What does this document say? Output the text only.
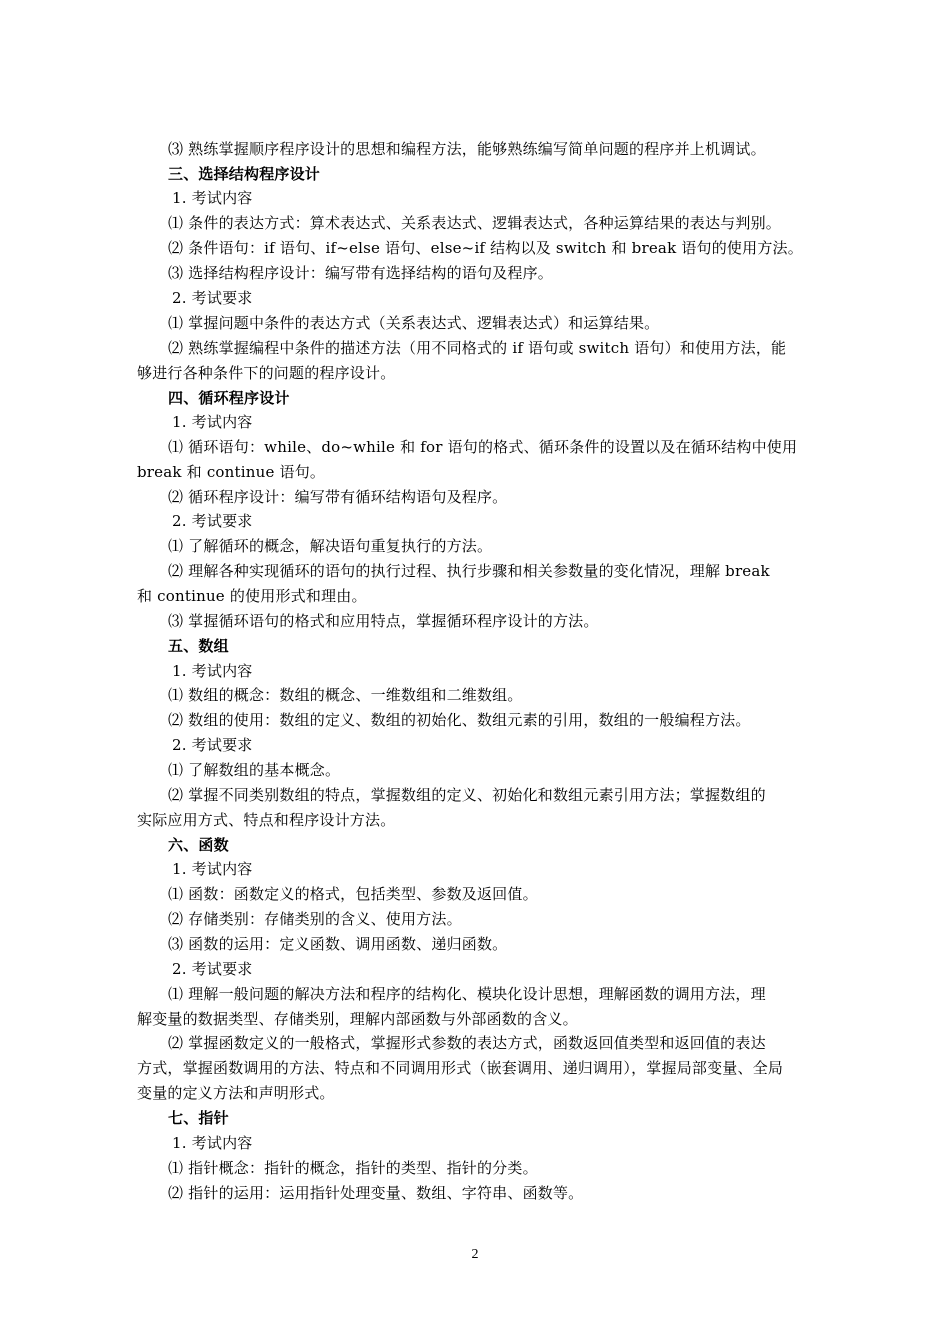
⑶ 熟练掌握顺序程序设计的思想和编程方法，能够熟练编写简单问题的程序并上机调试。
三、选择结构程序设计
1. 考试内容
⑴ 条件的表达方式：算术表达式、关系表达式、逻辑表达式，各种运算结果的表达与判别。
⑵ 条件语句：if 语句、if~else 语句、else~if 结构以及 switch 和 break 语句的使用方法。
⑶ 选择结构程序设计：编写带有选择结构的语句及程序。
2. 考试要求
⑴ 掌握问题中条件的表达方式（关系表达式、逻辑表达式）和运算结果。
⑵ 熟练掌握编程中条件的描述方法（用不同格式的 if 语句或 switch 语句）和使用方法，能
够进行各种条件下的问题的程序设计。
四、循环程序设计
1. 考试内容
⑴ 循环语句：while、do~while 和 for 语句的格式、循环条件的设置以及在循环结构中使用
break 和 continue 语句。
⑵ 循环程序设计：编写带有循环结构语句及程序。
2. 考试要求
⑴ 了解循环的概念，解决语句重复执行的方法。
⑵ 理解各种实现循环的语句的执行过程、执行步骤和相关参数量的变化情况，理解 break
和 continue 的使用形式和理由。
⑶ 掌握循环语句的格式和应用特点，掌握循环程序设计的方法。
五、数组
1. 考试内容
⑴ 数组的概念：数组的概念、一维数组和二维数组。
⑵ 数组的使用：数组的定义、数组的初始化、数组元素的引用，数组的一般编程方法。
2. 考试要求
⑴ 了解数组的基本概念。
⑵ 掌握不同类别数组的特点，掌握数组的定义、初始化和数组元素引用方法；掌握数组的
实际应用方式、特点和程序设计方法。
六、函数
1. 考试内容
⑴ 函数：函数定义的格式，包括类型、参数及返回值。
⑵ 存储类别：存储类别的含义、使用方法。
⑶ 函数的运用：定义函数、调用函数、递归函数。
2. 考试要求
⑴ 理解一般问题的解决方法和程序的结构化、模块化设计思想，理解函数的调用方法，理
解变量的数据类型、存储类别，理解内部函数与外部函数的含义。
⑵ 掌握函数定义的一般格式，掌握形式参数的表达方式，函数返回值类型和返回值的表达
方式，掌握函数调用的方法、特点和不同调用形式（嵌套调用、递归调用），掌握局部变量、全局
变量的定义方法和声明形式。
七、指针
1. 考试内容
⑴ 指针概念：指针的概念，指针的类型、指针的分类。
⑵ 指针的运用：运用指针处理变量、数组、字符串、函数等。
2
